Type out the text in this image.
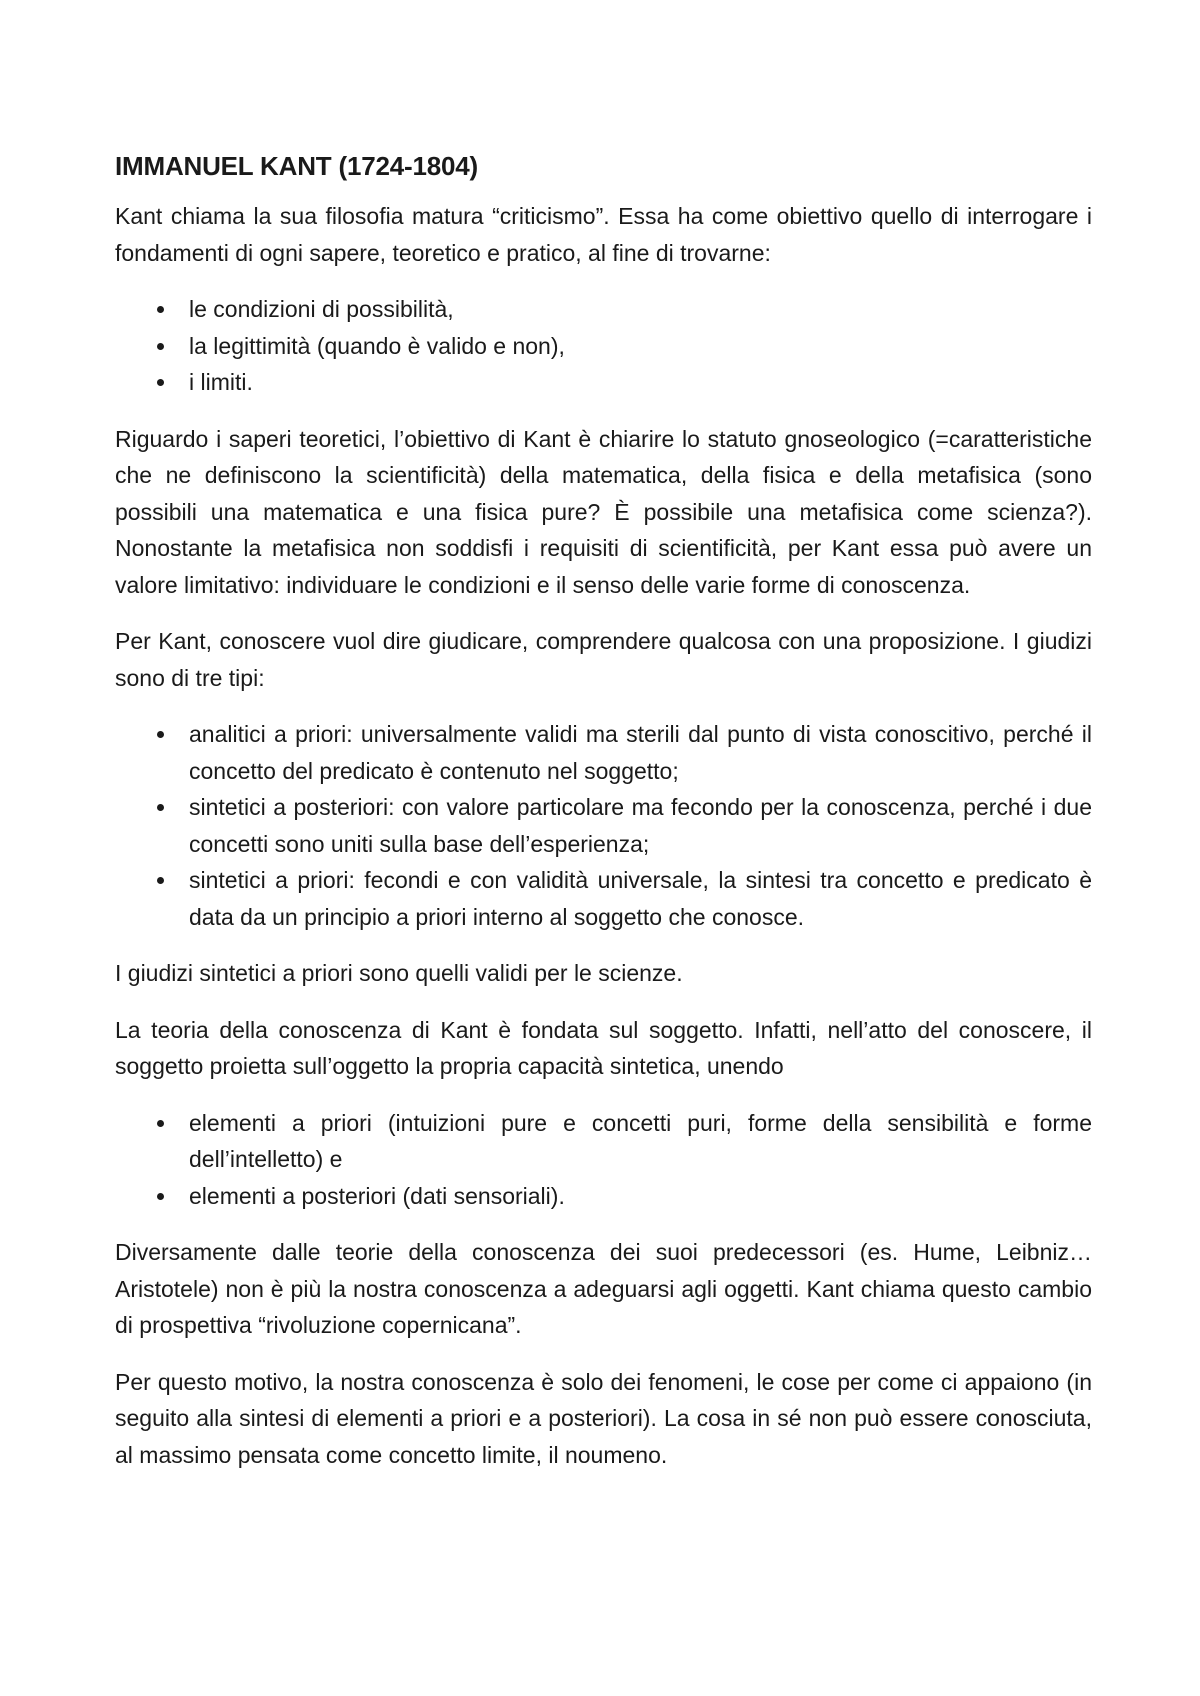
IMMANUEL KANT (1724-1804)

Kant chiama la sua filosofia matura “criticismo”. Essa ha come obiettivo quello di interrogare i fondamenti di ogni sapere, teoretico e pratico, al fine di trovarne:

le condizioni di possibilità,
la legittimità (quando è valido e non),
i limiti.

Riguardo i saperi teoretici, l’obiettivo di Kant è chiarire lo statuto gnoseologico (=caratteristiche che ne definiscono la scientificità) della matematica, della fisica e della metafisica (sono possibili una matematica e una fisica pure? È possibile una metafisica come scienza?). Nonostante la metafisica non soddisfi i requisiti di scientificità, per Kant essa può avere un valore limitativo: individuare le condizioni e il senso delle varie forme di conoscenza.

Per Kant, conoscere vuol dire giudicare, comprendere qualcosa con una proposizione. I giudizi sono di tre tipi:

analitici a priori: universalmente validi ma sterili dal punto di vista conoscitivo, perché il concetto del predicato è contenuto nel soggetto;
sintetici a posteriori: con valore particolare ma fecondo per la conoscenza, perché i due concetti sono uniti sulla base dell’esperienza;
sintetici a priori: fecondi e con validità universale, la sintesi tra concetto e predicato è data da un principio a priori interno al soggetto che conosce.

I giudizi sintetici a priori sono quelli validi per le scienze.

La teoria della conoscenza di Kant è fondata sul soggetto. Infatti, nell’atto del conoscere, il soggetto proietta sull’oggetto la propria capacità sintetica, unendo

elementi a priori (intuizioni pure e concetti puri, forme della sensibilità e forme dell’intelletto) e
elementi a posteriori (dati sensoriali).

Diversamente dalle teorie della conoscenza dei suoi predecessori (es. Hume, Leibniz…Aristotele) non è più la nostra conoscenza a adeguarsi agli oggetti. Kant chiama questo cambio di prospettiva “rivoluzione copernicana”.

Per questo motivo, la nostra conoscenza è solo dei fenomeni, le cose per come ci appaiono (in seguito alla sintesi di elementi a priori e a posteriori). La cosa in sé non può essere conosciuta, al massimo pensata come concetto limite, il noumeno.
